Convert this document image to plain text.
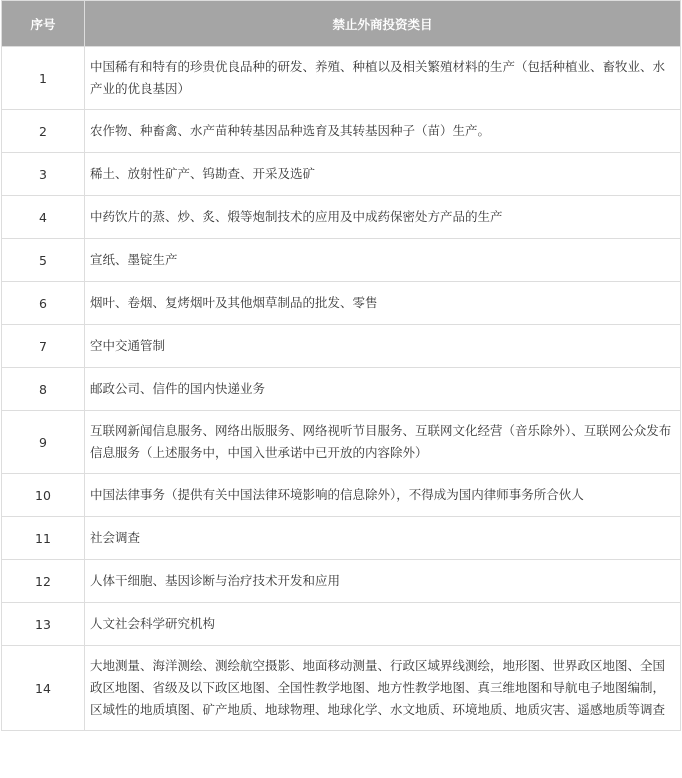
序号	禁止外商投资类目
1	中国稀有和特有的珍贵优良品种的研发、养殖、种植以及相关繁殖材料的生产（包括种植业、畜牧业、水产业的优良基因）
2	农作物、种畜禽、水产苗种转基因品种选育及其转基因种子（苗）生产。
3	稀土、放射性矿产、钨勘查、开采及选矿
4	中药饮片的蒸、炒、炙、煅等炮制技术的应用及中成药保密处方产品的生产
5	宣纸、墨锭生产
6	烟叶、卷烟、复烤烟叶及其他烟草制品的批发、零售
7	空中交通管制
8	邮政公司、信件的国内快递业务
9	互联网新闻信息服务、网络出版服务、网络视听节目服务、互联网文化经营（音乐除外）、互联网公众发布信息服务（上述服务中，中国入世承诺中已开放的内容除外）
10	中国法律事务（提供有关中国法律环境影响的信息除外），不得成为国内律师事务所合伙人
11	社会调查
12	人体干细胞、基因诊断与治疗技术开发和应用
13	人文社会科学研究机构
14	大地测量、海洋测绘、测绘航空摄影、地面移动测量、行政区域界线测绘，地形图、世界政区地图、全国政区地图、省级及以下政区地图、全国性教学地图、地方性教学地图、真三维地图和导航电子地图编制，区域性的地质填图、矿产地质、地球物理、地球化学、水文地质、环境地质、地质灾害、遥感地质等调查
